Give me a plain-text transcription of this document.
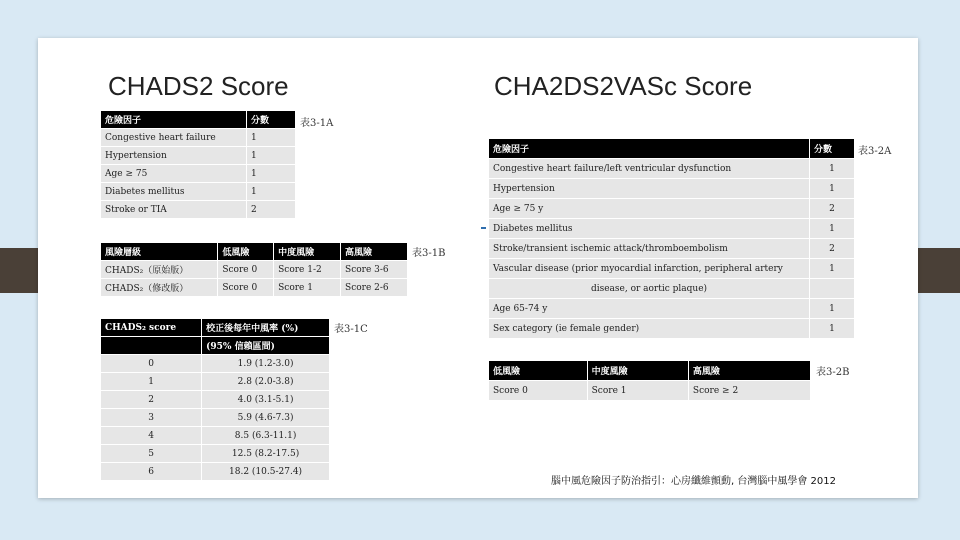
CHADS2 Score	CHA2DS2VASc Score
危險因子	分數
Congestive heart failure	1
Hypertension	1
Age ≥ 75	1
Diabetes mellitus	1
Stroke or TIA	2
表3-1A
風險層級	低風險	中度風險	高風險
CHADS₂（原始版）	Score 0	Score 1-2	Score 3-6
CHADS₂（修改版）	Score 0	Score 1	Score 2-6
表3-1B
CHADS₂ score	校正後每年中風率 (%)
	(95% 信賴區間)
0	1.9 (1.2-3.0)
1	2.8 (2.0-3.8)
2	4.0 (3.1-5.1)
3	5.9 (4.6-7.3)
4	8.5 (6.3-11.1)
5	12.5 (8.2-17.5)
6	18.2 (10.5-27.4)
表3-1C
危險因子	分數
Congestive heart failure/left ventricular dysfunction	1
Hypertension	1
Age ≥ 75 y	2
Diabetes mellitus	1
Stroke/transient ischemic attack/thromboembolism	2
Vascular disease (prior myocardial infarction, peripheral artery	1
disease, or aortic plaque)	
Age 65-74 y	1
Sex category (ie female gender)	1
表3-2A
低風險	中度風險	高風險
Score 0	Score 1	Score ≥ 2
表3-2B
腦中風危險因子防治指引：心房纖維顫動, 台灣腦中風學會 2012
